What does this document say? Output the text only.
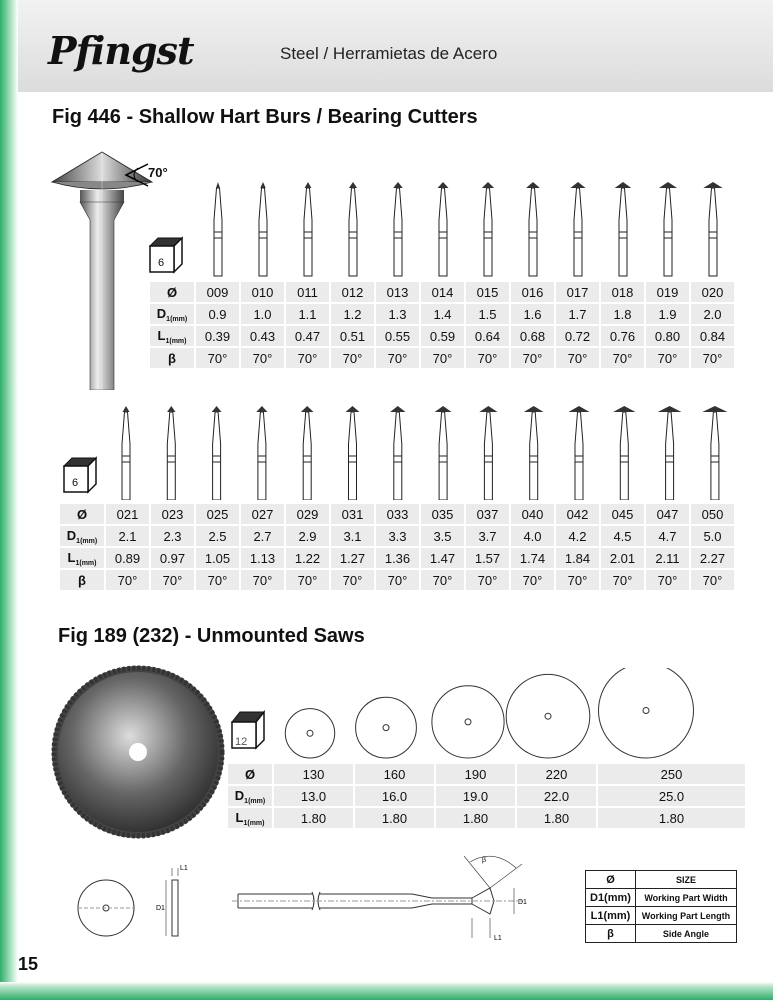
Pfingst	Steel / Herramietas de Acero
Fig 446 - Shallow Hart Burs / Bearing Cutters
70°
6
6
Ø	009	010	011	012	013	014	015	016	017	018	019	020
$D_{1(mm)}$	0.9	1.0	1.1	1.2	1.3	1.4	1.5	1.6	1.7	1.8	1.9	2.0
$L_{1(mm)}$	0.39	0.43	0.47	0.51	0.55	0.59	0.64	0.68	0.72	0.76	0.80	0.84
β	70°	70°	70°	70°	70°	70°	70°	70°	70°	70°	70°	70°
Ø	021	023	025	027	029	031	033	035	037	040	042	045	047	050
$D_{1(mm)}$	2.1	2.3	2.5	2.7	2.9	3.1	3.3	3.5	3.7	4.0	4.2	4.5	4.7	5.0
$L_{1(mm)}$	0.89	0.97	1.05	1.13	1.22	1.27	1.36	1.47	1.57	1.74	1.84	2.01	2.11	2.27
β	70°	70°	70°	70°	70°	70°	70°	70°	70°	70°	70°	70°	70°	70°
Fig 189 (232) - Unmounted Saws
12
Ø	130	160	190	220	250
$D_{1(mm)}$	13.0	16.0	19.0	22.0	25.0
$L_{1(mm)}$	1.80	1.80	1.80	1.80	1.80
L1
D1
β
D1
L1
Ø	SIZE
D1(mm)	Working Part Width
L1(mm)	Working Part Length
β	Side Angle
15
